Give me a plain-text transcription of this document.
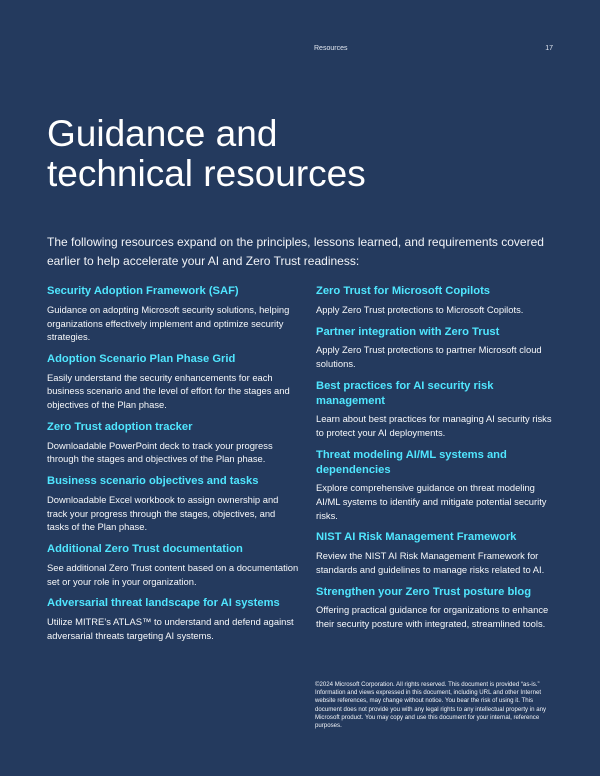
Resources	17
Guidance and
technical resources

The following resources expand on the principles, lessons learned, and requirements covered earlier to help accelerate your AI and Zero Trust readiness:

Security Adoption Framework (SAF)

Guidance on adopting Microsoft security solutions, helping organizations effectively implement and optimize security strategies.

Adoption Scenario Plan Phase Grid

Easily understand the security enhancements for each business scenario and the level of effort for the stages and objectives of the Plan phase.

Zero Trust adoption tracker

Downloadable PowerPoint deck to track your progress through the stages and objectives of the Plan phase.

Business scenario objectives and tasks

Downloadable Excel workbook to assign ownership and track your progress through the stages, objectives, and tasks of the Plan phase.

Additional Zero Trust documentation

See additional Zero Trust content based on a documentation set or your role in your organization.

Adversarial threat landscape for AI systems

Utilize MITRE’s ATLAS™ to understand and defend against adversarial threats targeting AI systems.

Zero Trust for Microsoft Copilots

Apply Zero Trust protections to Microsoft Copilots.

Partner integration with Zero Trust

Apply Zero Trust protections to partner Microsoft cloud solutions.

Best practices for AI security risk management

Learn about best practices for managing AI security risks to protect your AI deployments.

Threat modeling AI/ML systems and dependencies

Explore comprehensive guidance on threat modeling AI/ML systems to identify and mitigate potential security risks.

NIST AI Risk Management Framework

Review the NIST AI Risk Management Framework for standards and guidelines to manage risks related to AI.

Strengthen your Zero Trust posture blog

Offering practical guidance for organizations to enhance their security posture with integrated, streamlined tools.

©2024 Microsoft Corporation. All rights reserved. This document is provided “as-is.” Information and views expressed in this document, including URL and other Internet website references, may change without notice. You bear the risk of using it. This document does not provide you with any legal rights to any intellectual property in any Microsoft product. You may copy and use this document for your internal, reference purposes.
